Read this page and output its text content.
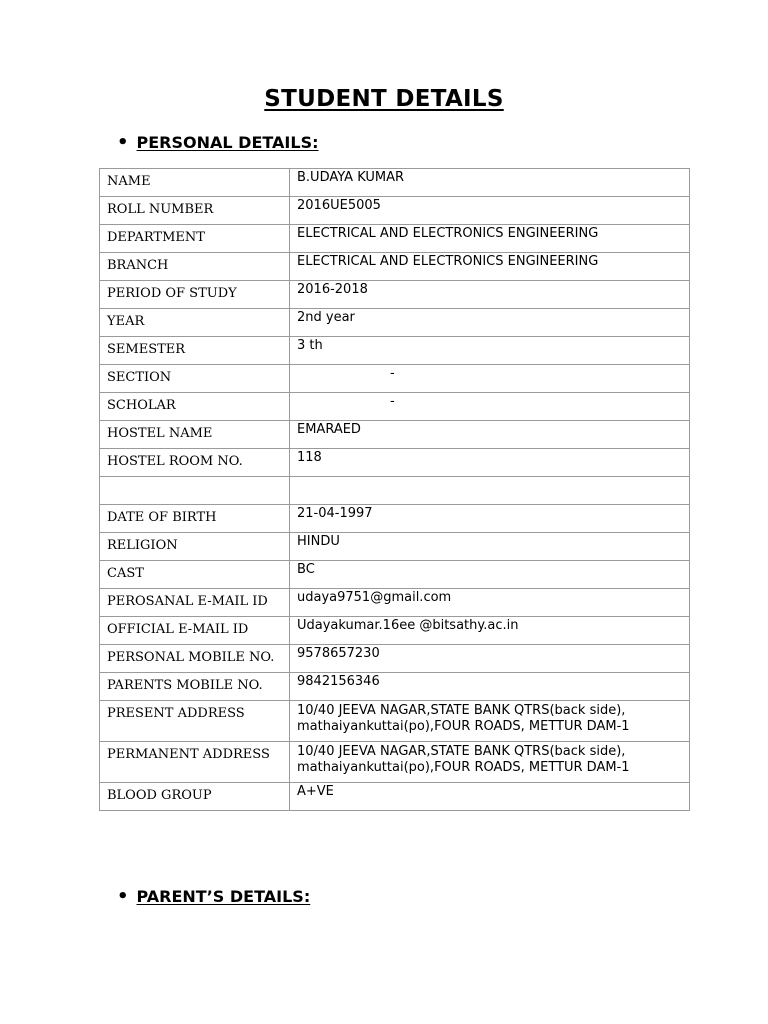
STUDENT DETAILS
• PERSONAL DETAILS:
NAME	B.UDAYA KUMAR
ROLL NUMBER	2016UE5005
DEPARTMENT	ELECTRICAL AND ELECTRONICS ENGINEERING
BRANCH	ELECTRICAL AND ELECTRONICS ENGINEERING
PERIOD OF STUDY	2016-2018
YEAR	2nd year
SEMESTER	3 th
SECTION	-
SCHOLAR	-
HOSTEL NAME	EMARAED
HOSTEL ROOM NO.	118

DATE OF BIRTH	21-04-1997
RELIGION	HINDU
CAST	BC
PEROSANAL E-MAIL ID	udaya9751@gmail.com
OFFICIAL E-MAIL ID	Udayakumar.16ee @bitsathy.ac.in
PERSONAL MOBILE NO.	9578657230
PARENTS MOBILE NO.	9842156346
PRESENT ADDRESS	10/40 JEEVA NAGAR,STATE BANK QTRS(back side),
mathaiyankuttai(po),FOUR ROADS, METTUR DAM-1

PERMANENT ADDRESS	10/40 JEEVA NAGAR,STATE BANK QTRS(back side),
mathaiyankuttai(po),FOUR ROADS, METTUR DAM-1

BLOOD GROUP	A+VE
• PARENT’S DETAILS:
